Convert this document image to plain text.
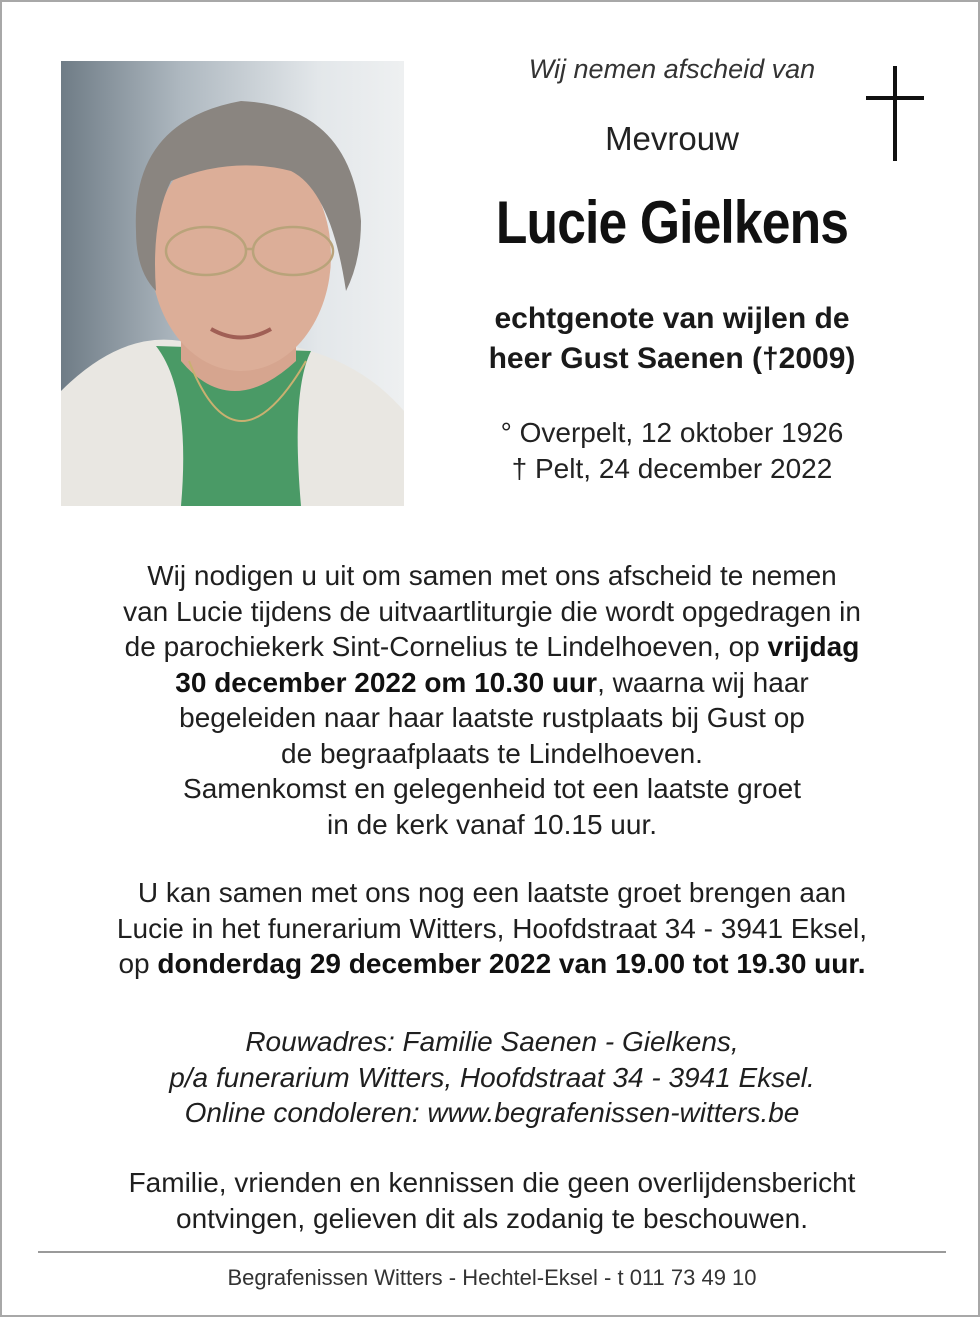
Wij nemen afscheid van
Mevrouw
Lucie Gielkens
echtgenote van wijlen de
heer Gust Saenen (†2009)
° Overpelt, 12 oktober 1926
† Pelt, 24 december 2022
Wij nodigen u uit om samen met ons afscheid te nemen
van Lucie tijdens de uitvaartliturgie die wordt opgedragen in
de parochiekerk Sint-Cornelius te Lindelhoeven, op vrijdag
30 december 2022 om 10.30 uur, waarna wij haar
begeleiden naar haar laatste rustplaats bij Gust op
de begraafplaats te Lindelhoeven.
Samenkomst en gelegenheid tot een laatste groet
in de kerk vanaf 10.15 uur.
U kan samen met ons nog een laatste groet brengen aan
Lucie in het funerarium Witters, Hoofdstraat 34 - 3941 Eksel,
op donderdag 29 december 2022 van 19.00 tot 19.30 uur.
Rouwadres: Familie Saenen - Gielkens,
p/a funerarium Witters, Hoofdstraat 34 - 3941 Eksel.
Online condoleren: www.begrafenissen-witters.be
Familie, vrienden en kennissen die geen overlijdensbericht
ontvingen, gelieven dit als zodanig te beschouwen.
Begrafenissen Witters - Hechtel-Eksel - t 011 73 49 10
